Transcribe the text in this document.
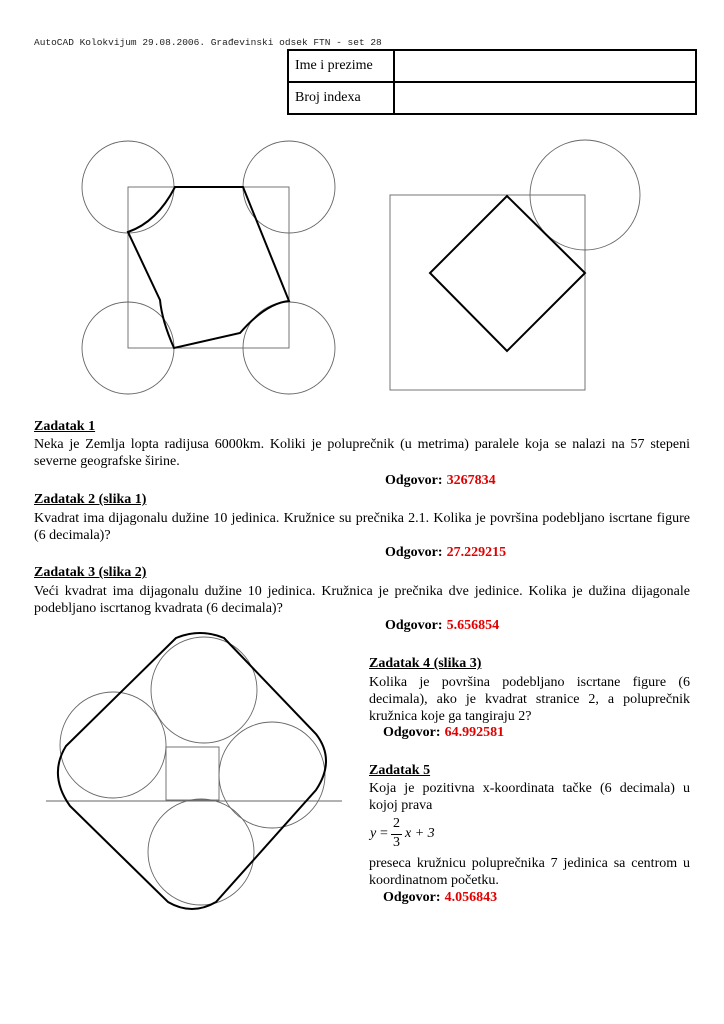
AutoCAD Kolokvijum 29.08.2006. Građevinski odsek FTN - set 28
Ime i prezime	
Broj indexa	
Zadatak 1
Neka je Zemlja lopta radijusa 6000km. Koliki je poluprečnik (u metrima) paralele koja se nalazi na 57 stepeni severne geografske širine.
Odgovor: 3267834
Zadatak 2 (slika 1)
Kvadrat ima dijagonalu dužine 10 jedinica. Kružnice su prečnika 2.1. Kolika je površina podebljano iscrtane figure (6 decimala)?
Odgovor: 27.229215
Zadatak 3 (slika 2)
Veći kvadrat ima dijagonalu dužine 10 jedinica. Kružnica je prečnika dve jedinice. Kolika je dužina dijagonale podebljano iscrtanog kvadrata (6 decimala)?
Odgovor: 5.656854
Zadatak 4 (slika 3)
Kolika je površina podebljano iscrtane figure (6 decimala), ako je kvadrat stranice 2, a poluprečnik kružnica koje ga tangiraju 2?
Odgovor: 64.992581
Zadatak 5
Koja je pozitivna x-koordinata tačke (6 decimala) u kojoj prava
y =
2
3
x + 3
preseca kružnicu poluprečnika 7 jedinica sa centrom u koordinatnom početku.
Odgovor: 4.056843
